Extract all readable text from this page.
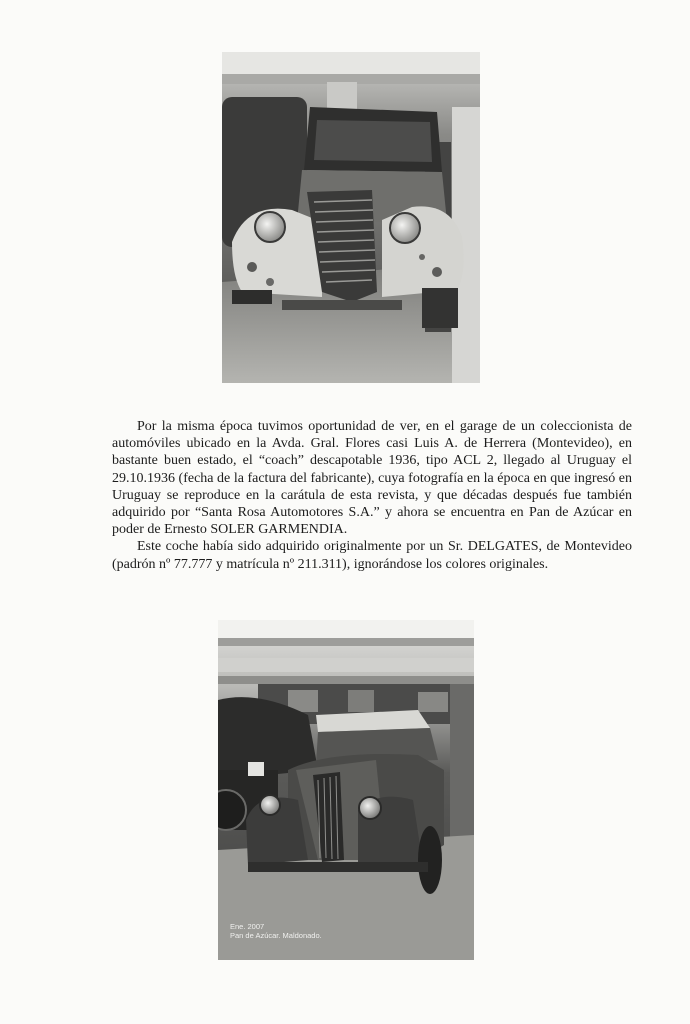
Por la misma época tuvimos oportunidad de ver, en el garage de un coleccionista de automóviles ubicado en la Avda. Gral. Flores casi Luis A. de Herrera (Montevideo), en bastante buen estado, el “coach” descapotable 1936, tipo ACL 2, llegado al Uruguay el 29.10.1936 (fecha de la factura del fabricante), cuya fotografía en la época en que ingresó en Uruguay se reproduce en la carátula de esta revista, y que décadas después fue también adquirido por “Santa Rosa Automotores S.A.” y ahora se encuentra en Pan de Azúcar en poder de Ernesto SOLER GARMENDIA.

Este coche había sido adquirido originalmente por un Sr. DELGATES, de Montevideo (padrón nº 77.777 y matrícula nº 211.311), ignorándose los colores originales.

Ene. 2007
Pan de Azúcar. Maldonado.
